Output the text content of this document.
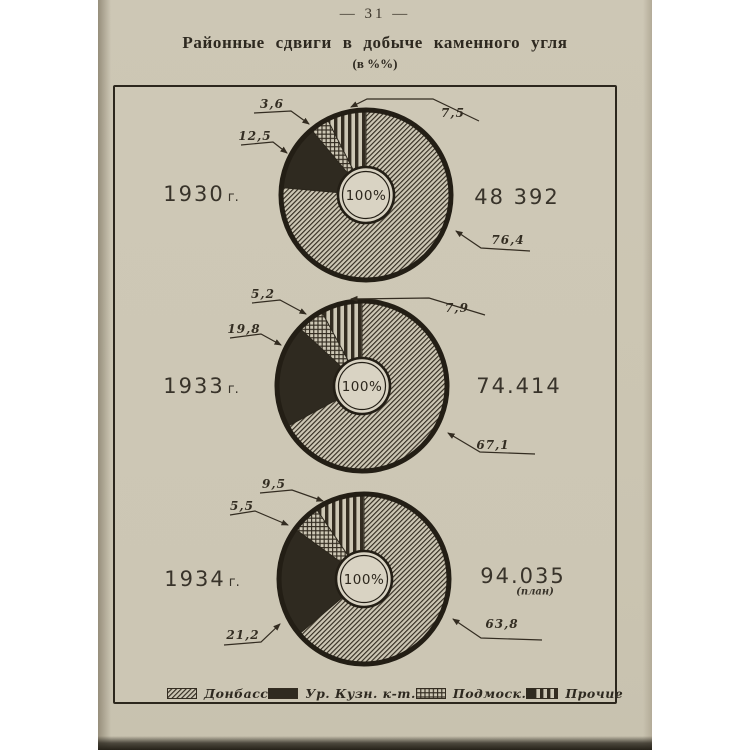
— 31 —
Районные сдвиги в добыче каменного угля
(в %%)
100%
100%
100%
3,6
12,5
7,5
76,4
5,2
19,8
7,9
67,1
9,5
5,5
21,2
63,8
1930 г.
1933 г.
1934 г.
48 392
74.414
94.035
(план)
Донбасс	Ур. Кузн. к-т.	Подмоск.	Прочие
